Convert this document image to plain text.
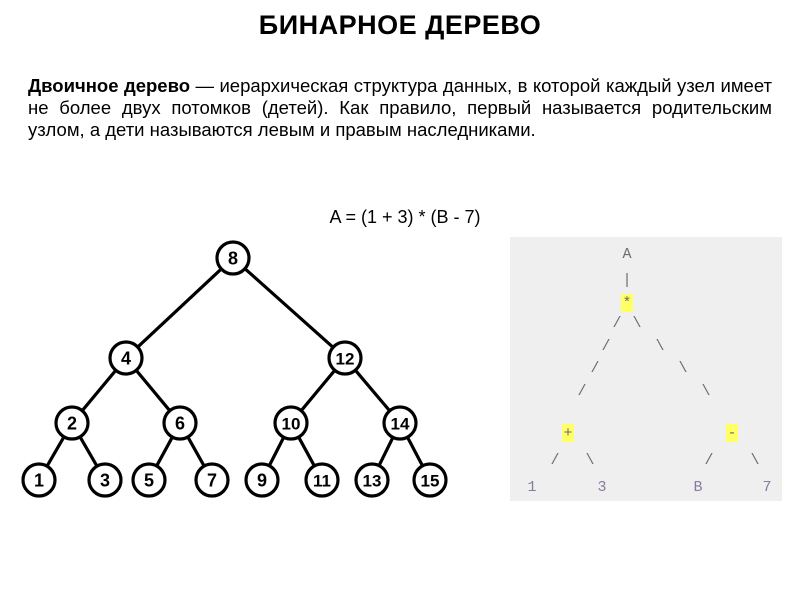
БИНАРНОЕ ДЕРЕВО
Двоичное дерево — иерархическая структура данных, в которой каждый узел имеет не более двух потомков (детей). Как правило, первый называется родительским узлом, а дети называются левым и правым наследниками.
A = (1 + 3) * (B - 7)
8
4	12
2	6	10	14
1	3 5	7 9	11 13 15
A
|
*
/ \
/	\
/	\
/	\
+	-
/ \	/ \
1	3	B	7
